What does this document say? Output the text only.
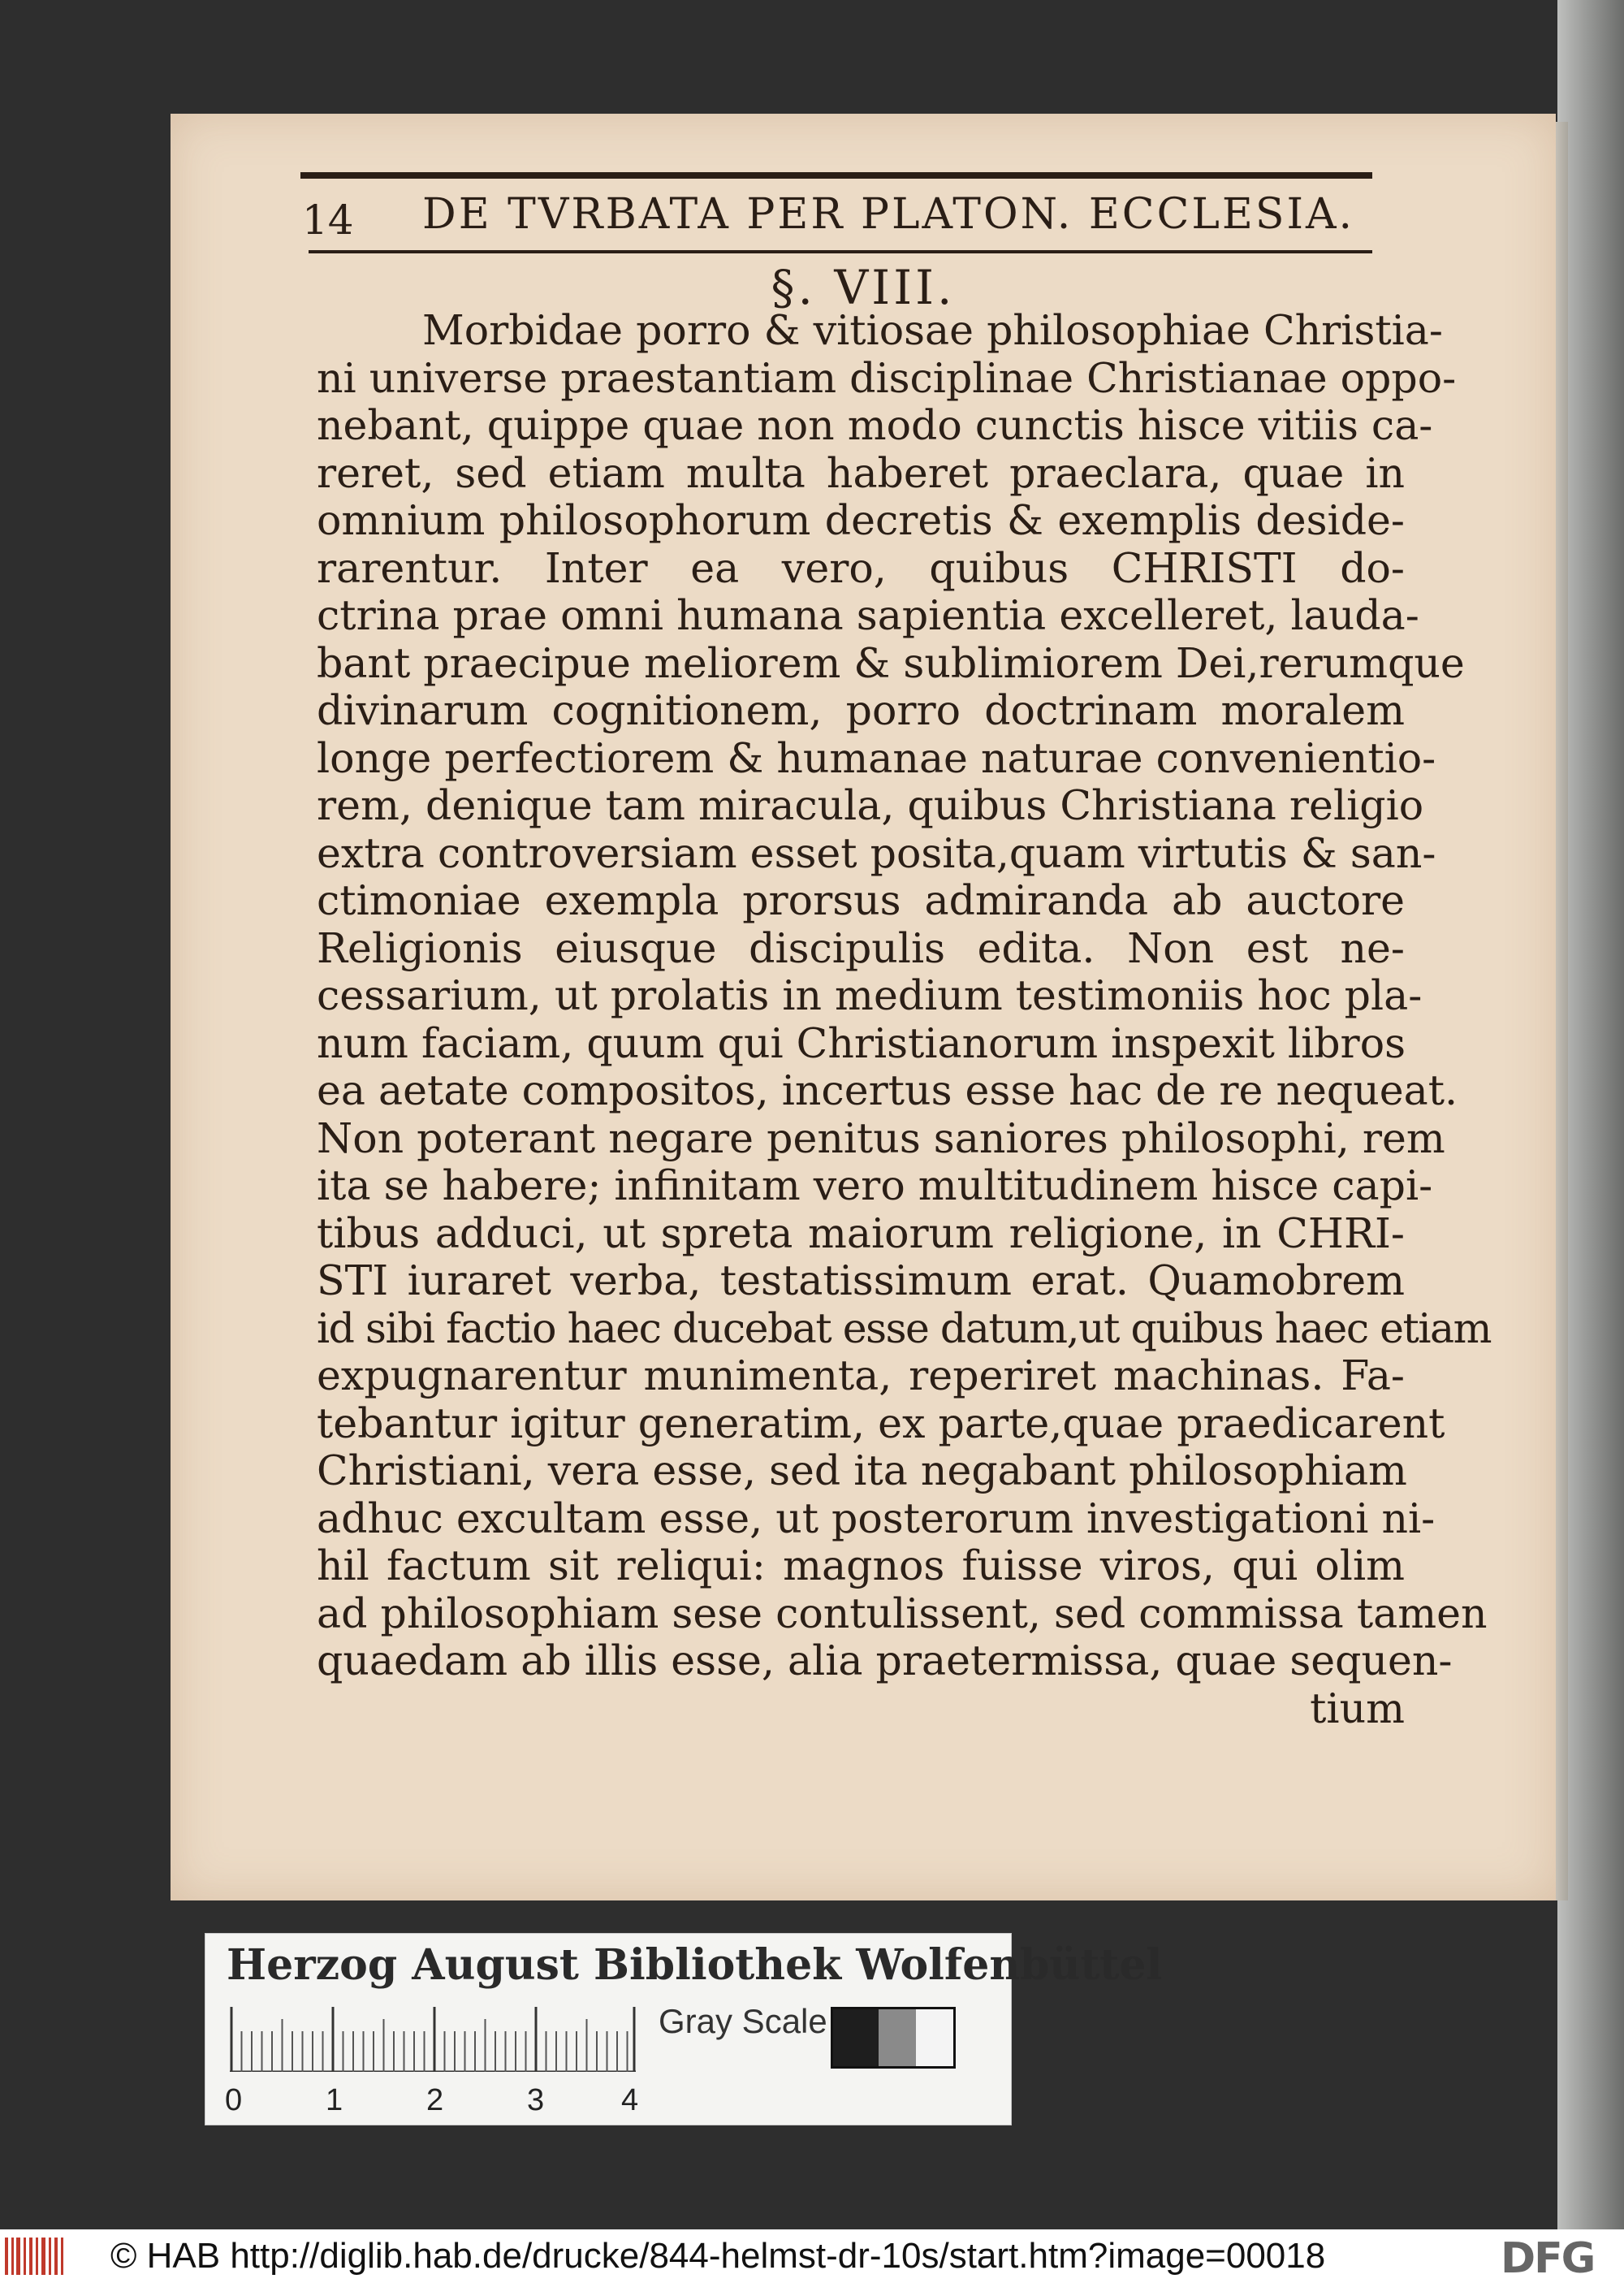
14 DE TVRBATA PER PLATON. ECCLESIA.
§. VIII.
Morbidae porro & vitiosae philosophiae Christia-
ni universe praestantiam disciplinae Christianae oppo-
nebant, quippe quae non modo cunctis hisce vitiis ca-
reret, sed etiam multa haberet praeclara, quae in
omnium philosophorum decretis & exemplis deside-
rarentur. Inter ea vero, quibus CHRISTI do-
ctrina prae omni humana sapientia excelleret, lauda-
bant praecipue meliorem & sublimiorem Dei,rerumque
divinarum cognitionem, porro doctrinam moralem
longe perfectiorem & humanae naturae convenientio-
rem, denique tam miracula, quibus Christiana religio
extra controversiam esset posita,quam virtutis & san-
ctimoniae exempla prorsus admiranda ab auctore
Religionis eiusque discipulis edita. Non est ne-
cessarium, ut prolatis in medium testimoniis hoc pla-
num faciam, quum qui Christianorum inspexit libros
ea aetate compositos, incertus esse hac de re nequeat.
Non poterant negare penitus saniores philosophi, rem
ita se habere; infinitam vero multitudinem hisce capi-
tibus adduci, ut spreta maiorum religione, in CHRI-
STI iuraret verba, testatissimum erat. Quamobrem
id sibi factio haec ducebat esse datum,ut quibus haec etiam
expugnarentur munimenta, reperiret machinas. Fa-
tebantur igitur generatim, ex parte,quae praedicarent
Christiani, vera esse, sed ita negabant philosophiam
adhuc excultam esse, ut posterorum investigationi ni-
hil factum sit reliqui: magnos fuisse viros, qui olim
ad philosophiam sese contulissent, sed commissa tamen
quaedam ab illis esse, alia praetermissa, quae sequen-
tium
Herzog August Bibliothek Wolfenbüttel
0	1	2	3 4
Gray Scale
© HAB http://diglib.hab.de/drucke/844-helmst-dr-10s/start.htm?image=00018	DFG
